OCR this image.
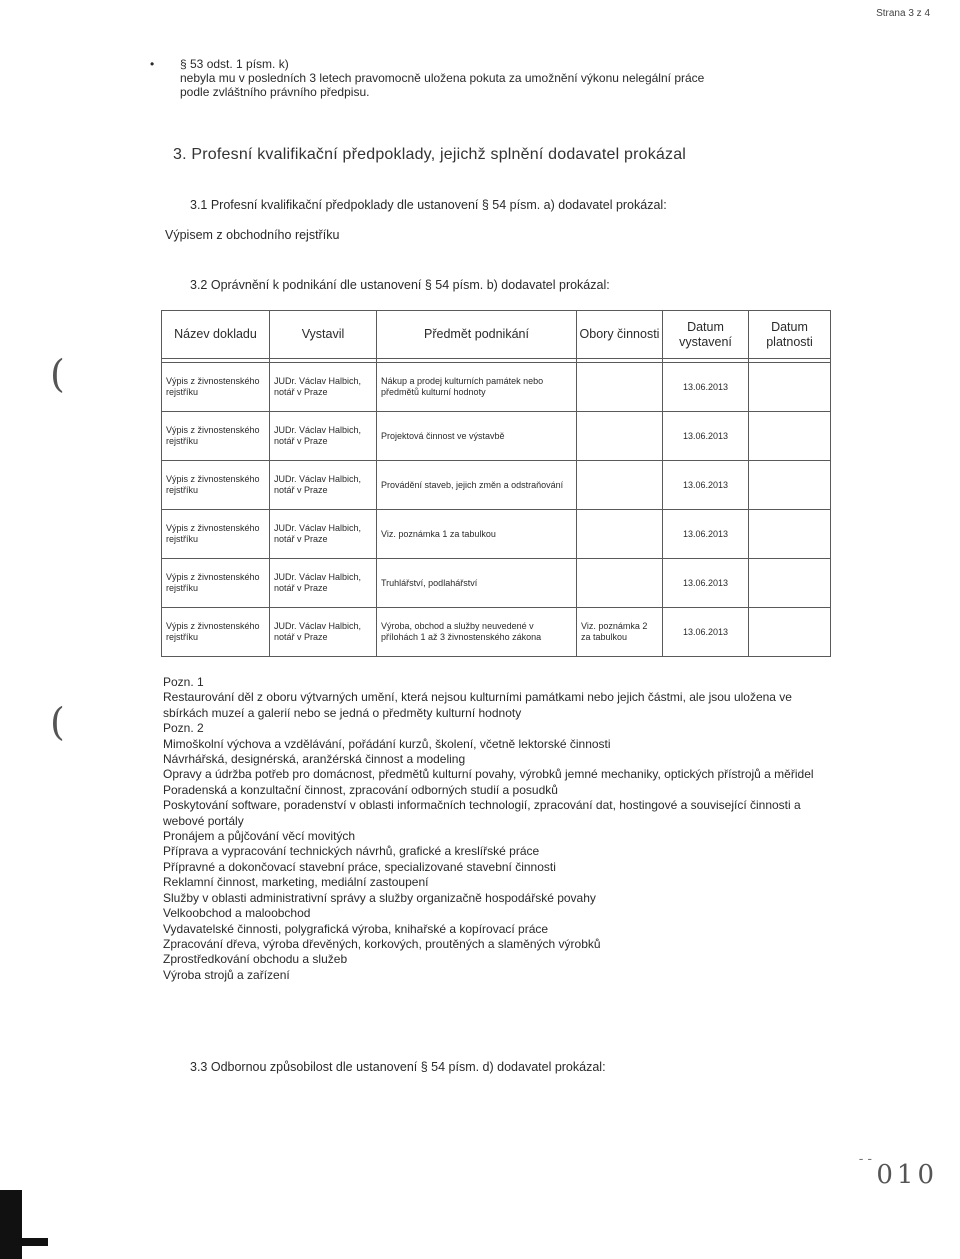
Strana 3 z 4
• § 53 odst. 1 písm. k)
nebyla mu v posledních 3 letech pravomocně uložena pokuta za umožnění výkonu nelegální práce
podle zvláštního právního předpisu.
3. Profesní kvalifikační předpoklady, jejichž splnění dodavatel prokázal
3.1 Profesní kvalifikační předpoklady dle ustanovení § 54 písm. a) dodavatel prokázal:
Výpisem z obchodního rejstříku
3.2 Oprávnění k podnikání dle ustanovení § 54 písm. b) dodavatel prokázal:
Název dokladu	Vystavil	Předmět podnikání	Obory činnosti	Datum vystavení	Datum platnosti

Výpis z živnostenského rejstříku	JUDr. Václav Halbich, notář v Praze	Nákup a prodej kulturních památek nebo předmětů kulturní hodnoty		13.06.2013	
Výpis z živnostenského rejstříku	JUDr. Václav Halbich, notář v Praze	Projektová činnost ve výstavbě		13.06.2013	
Výpis z živnostenského rejstříku	JUDr. Václav Halbich, notář v Praze	Provádění staveb, jejich změn a odstraňování		13.06.2013	
Výpis z živnostenského rejstříku	JUDr. Václav Halbich, notář v Praze	Viz. poznámka 1 za tabulkou		13.06.2013	
Výpis z živnostenského rejstříku	JUDr. Václav Halbich, notář v Praze	Truhlářství, podlahářství		13.06.2013	
Výpis z živnostenského rejstříku	JUDr. Václav Halbich, notář v Praze	Výroba, obchod a služby neuvedené v přílohách 1 až 3 živnostenského zákona	Viz. poznámka 2 za tabulkou	13.06.2013	
Pozn. 1
Restaurování děl z oboru výtvarných umění, která nejsou kulturními památkami nebo jejich částmi, ale jsou uložena ve sbírkách muzeí a galerií nebo se jedná o předměty kulturní hodnoty
Pozn. 2
Mimoškolní výchova a vzdělávání, pořádání kurzů, školení, včetně lektorské činnosti
Návrhářská, designérská, aranžérská činnost a modeling
Opravy a údržba potřeb pro domácnost, předmětů kulturní povahy, výrobků jemné mechaniky, optických přístrojů a měřidel
Poradenská a konzultační činnost, zpracování odborných studií a posudků
Poskytování software, poradenství v oblasti informačních technologií, zpracování dat, hostingové a související činnosti a webové portály
Pronájem a půjčování věcí movitých
Příprava a vypracování technických návrhů, grafické a kreslířské práce
Přípravné a dokončovací stavební práce, specializované stavební činnosti
Reklamní činnost, marketing, mediální zastoupení
Služby v oblasti administrativní správy a služby organizačně hospodářské povahy
Velkoobchod a maloobchod
Vydavatelské činnosti, polygrafická výroba, knihařské a kopírovací práce
Zpracování dřeva, výroba dřevěných, korkových, proutěných a slaměných výrobků
Zprostředkování obchodu a služeb
Výroba strojů a zařízení
3.3 Odbornou způsobilost dle ustanovení § 54 písm. d) dodavatel prokázal:
(
(
- -
010
